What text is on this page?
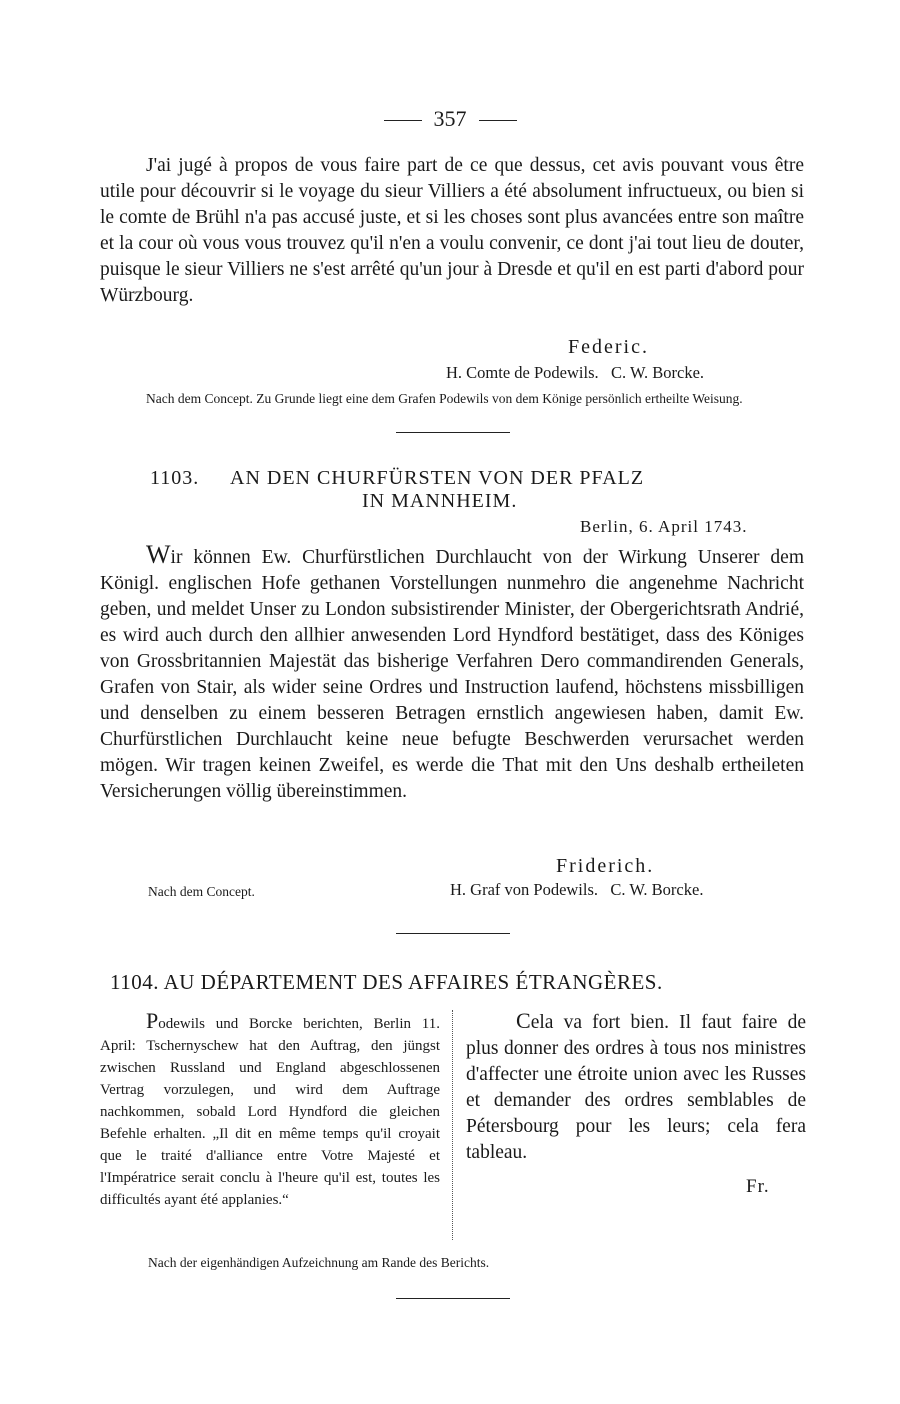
357
J'ai jugé à propos de vous faire part de ce que dessus, cet avis pouvant vous être utile pour découvrir si le voyage du sieur Villiers a été absolument infructueux, ou bien si le comte de Brühl n'a pas accusé juste, et si les choses sont plus avancées entre son maître et la cour où vous vous trouvez qu'il n'en a voulu convenir, ce dont j'ai tout lieu de douter, puisque le sieur Villiers ne s'est arrêté qu'un jour à Dresde et qu'il en est parti d'abord pour Würzbourg.
Federic.
H. Comte de Podewils.   C. W. Borcke.
Nach dem Concept. Zu Grunde liegt eine dem Grafen Podewils von dem Könige persönlich ertheilte Weisung.
1103. AN DEN CHURFÜRSTEN VON DER PFALZ
IN MANNHEIM.
Berlin, 6. April 1743.
Wir können Ew. Churfürstlichen Durchlaucht von der Wirkung Unserer dem Königl. englischen Hofe gethanen Vorstellungen nunmehro die angenehme Nachricht geben, und meldet Unser zu London subsistirender Minister, der Obergerichtsrath Andrié, es wird auch durch den allhier anwesenden Lord Hyndford bestätiget, dass des Königes von Grossbritannien Majestät das bisherige Verfahren Dero commandirenden Generals, Grafen von Stair, als wider seine Ordres und Instruction laufend, höchstens missbilligen und denselben zu einem besseren Betragen ernstlich angewiesen haben, damit Ew. Churfürstlichen Durchlaucht keine neue befugte Beschwerden verursachet werden mögen. Wir tragen keinen Zweifel, es werde die That mit den Uns deshalb ertheileten Versicherungen völlig übereinstimmen.
Friderich.
Nach dem Concept.	H. Graf von Podewils.   C. W. Borcke.
1104. AU DÉPARTEMENT DES AFFAIRES ÉTRANGÈRES.
Podewils und Borcke berichten, Berlin 11. April: Tschernyschew hat den Auftrag, den jüngst zwischen Russland und England abgeschlossenen Vertrag vorzulegen, und wird dem Auftrage nachkommen, sobald Lord Hyndford die gleichen Befehle erhalten. „Il dit en même temps qu'il croyait que le traité d'alliance entre Votre Majesté et l'Impératrice serait conclu à l'heure qu'il est, toutes les difficultés ayant été applanies.“
Cela va fort bien. Il faut faire de plus donner des ordres à tous nos ministres d'affecter une étroite union avec les Russes et demander des ordres semblables de Pétersbourg pour les leurs; cela fera tableau.
Fr.
Nach der eigenhändigen Aufzeichnung am Rande des Berichts.
